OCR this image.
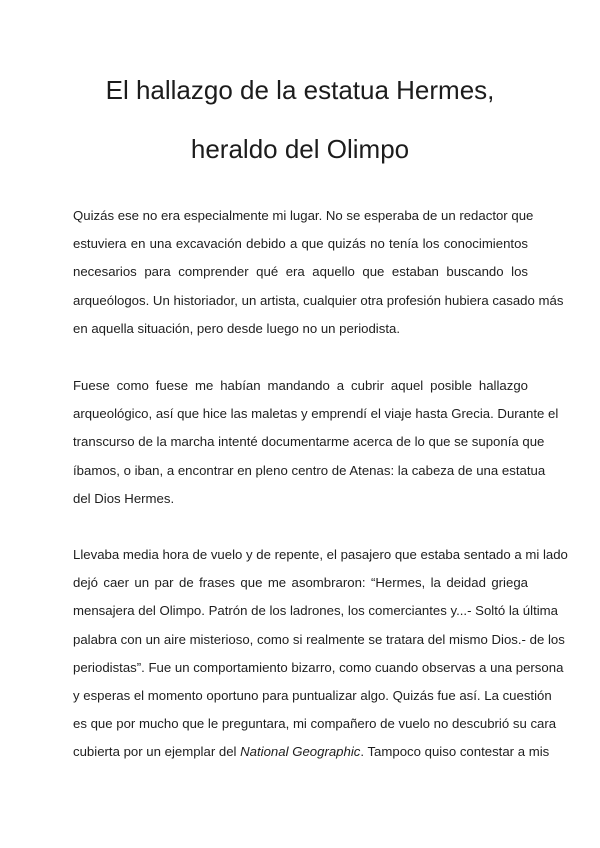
El hallazgo de la estatua Hermes,
heraldo del Olimpo

Quizás ese no era especialmente mi lugar. No se esperaba de un redactor que
estuviera en una excavación debido a que quizás no tenía los conocimientos
necesarios para comprender qué era aquello que estaban buscando los
arqueólogos. Un historiador, un artista, cualquier otra profesión hubiera casado más
en aquella situación, pero desde luego no un periodista.

Fuese como fuese me habían mandando a cubrir aquel posible hallazgo
arqueológico, así que hice las maletas y emprendí el viaje hasta Grecia. Durante el
transcurso de la marcha intenté documentarme acerca de lo que se suponía que
íbamos, o iban, a encontrar en pleno centro de Atenas: la cabeza de una estatua
del Dios Hermes.

Llevaba media hora de vuelo y de repente, el pasajero que estaba sentado a mi lado
dejó caer un par de frases que me asombraron: “Hermes, la deidad griega
mensajera del Olimpo. Patrón de los ladrones, los comerciantes y...- Soltó la última
palabra con un aire misterioso, como si realmente se tratara del mismo Dios.- de los
periodistas”. Fue un comportamiento bizarro, como cuando observas a una persona
y esperas el momento oportuno para puntualizar algo. Quizás fue así. La cuestión
es que por mucho que le preguntara, mi compañero de vuelo no descubrió su cara
cubierta por un ejemplar del National Geographic. Tampoco quiso contestar a mis
